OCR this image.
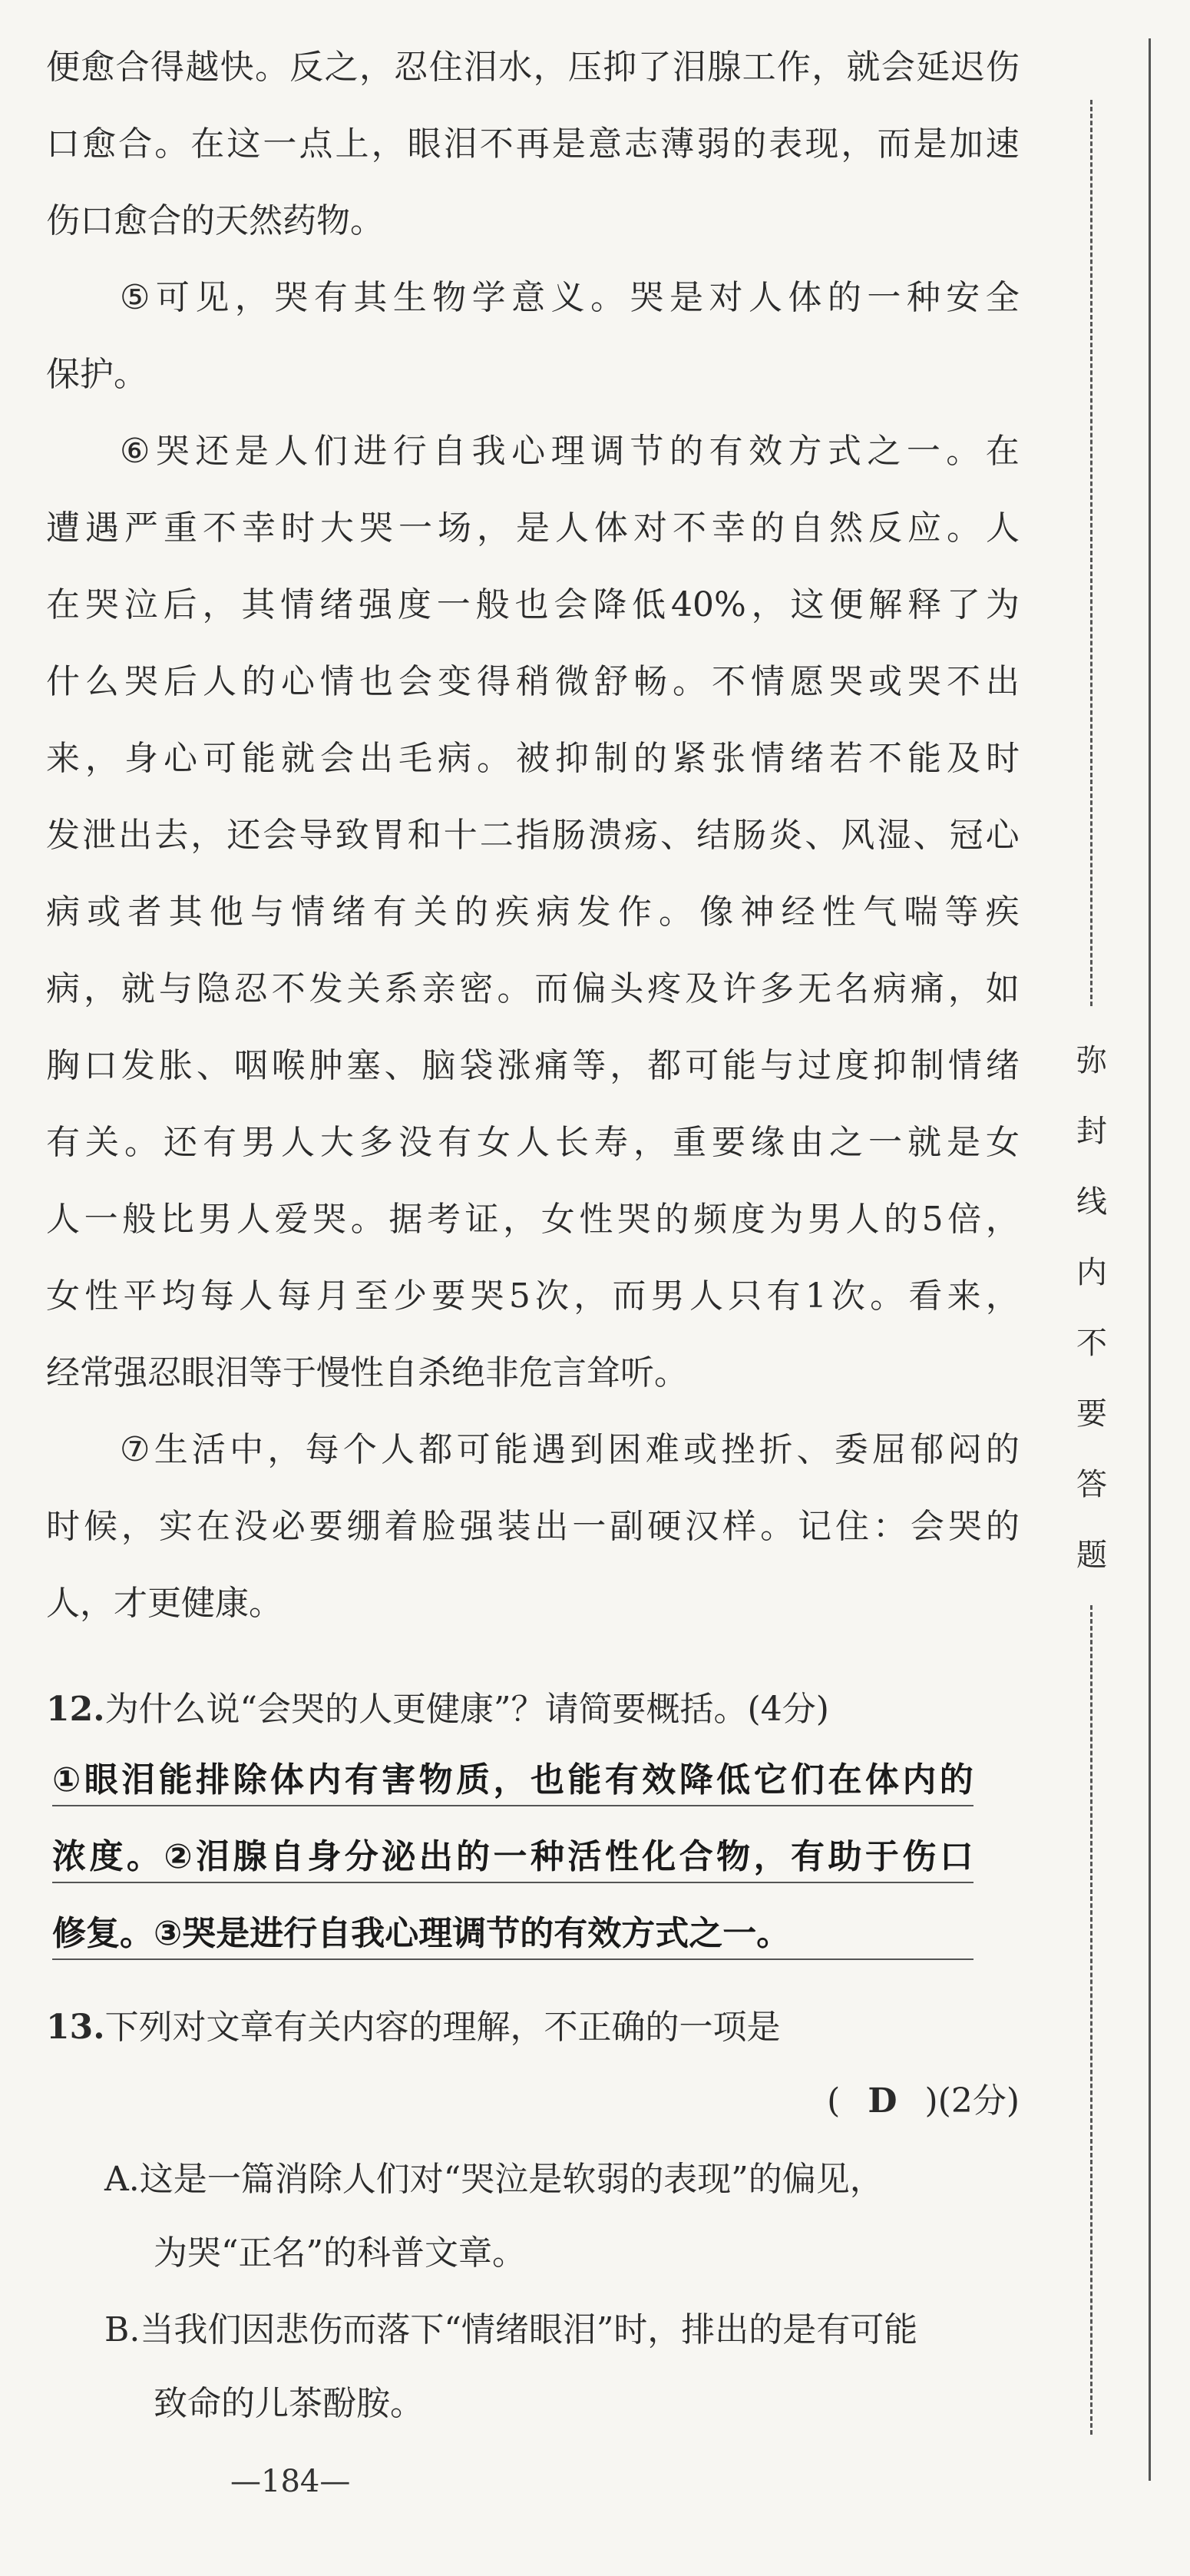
便 愈 合 得 越 快 。 反 之 ， 忍 住 泪 水 ， 压 抑 了 泪 腺 工 作 ， 就 会 延 迟 伤
口 愈 合 。 在 这 一 点 上 ， 眼 泪 不 再 是 意 志 薄 弱 的 表 现 ， 而 是 加 速
伤口愈合的天然药物。
⑤ 可 见 ， 哭 有 其 生 物 学 意 义 。 哭 是 对 人 体 的 一 种 安 全
保护。
⑥ 哭 还 是 人 们 进 行 自 我 心 理 调 节 的 有 效 方 式 之 一 。 在
遭 遇 严 重 不 幸 时 大 哭 一 场 ， 是 人 体 对 不 幸 的 自 然 反 应 。 人
在 哭 泣 后 ， 其 情 绪 强 度 一 般 也 会 降 低 40% ， 这 便 解 释 了 为
什 么 哭 后 人 的 心 情 也 会 变 得 稍 微 舒 畅 。 不 情 愿 哭 或 哭 不 出
来 ， 身 心 可 能 就 会 出 毛 病 。 被 抑 制 的 紧 张 情 绪 若 不 能 及 时
发 泄 出 去 ， 还 会 导 致 胃 和 十 二 指 肠 溃 疡 、 结 肠 炎 、 风 湿 、 冠 心
病 或 者 其 他 与 情 绪 有 关 的 疾 病 发 作 。 像 神 经 性 气 喘 等 疾
病 ， 就 与 隐 忍 不 发 关 系 亲 密 。 而 偏 头 疼 及 许 多 无 名 病 痛 ， 如
胸 口 发 胀 、 咽 喉 肿 塞 、 脑 袋 涨 痛 等 ， 都 可 能 与 过 度 抑 制 情 绪
有 关 。 还 有 男 人 大 多 没 有 女 人 长 寿 ， 重 要 缘 由 之 一 就 是 女
人 一 般 比 男 人 爱 哭 。 据 考 证 ， 女 性 哭 的 频 度 为 男 人 的 5 倍 ，
女 性 平 均 每 人 每 月 至 少 要 哭 5 次 ， 而 男 人 只 有 1 次 。 看 来 ，
经常强忍眼泪等于慢性自杀绝非危言耸听。
⑦ 生 活 中 ， 每 个 人 都 可 能 遇 到 困 难 或 挫 折 、 委 屈 郁 闷 的
时 候 ， 实 在 没 必 要 绷 着 脸 强 装 出 一 副 硬 汉 样 。 记 住 ： 会 哭 的
人，才更健康。
12.为什么说“会哭的人更健康”？请简要概括。(4分)
① 眼 泪 能 排 除 体 内 有 害 物 质 ， 也 能 有 效 降 低 它 们 在 体 内 的
浓 度 。 ② 泪 腺 自 身 分 泌 出 的 一 种 活 性 化 合 物 ， 有 助 于 伤 口
修复。③哭是进行自我心理调节的有效方式之一。
13.下列对文章有关内容的理解，不正确的一项是
( D )(2分)
A.这是一篇消除人们对“哭泣是软弱的表现”的偏见，
为哭“正名”的科普文章。
B.当我们因悲伤而落下“情绪眼泪”时，排出的是有可能
致命的儿茶酚胺。
—184—
弥
封
线
内
不
要
答
题
